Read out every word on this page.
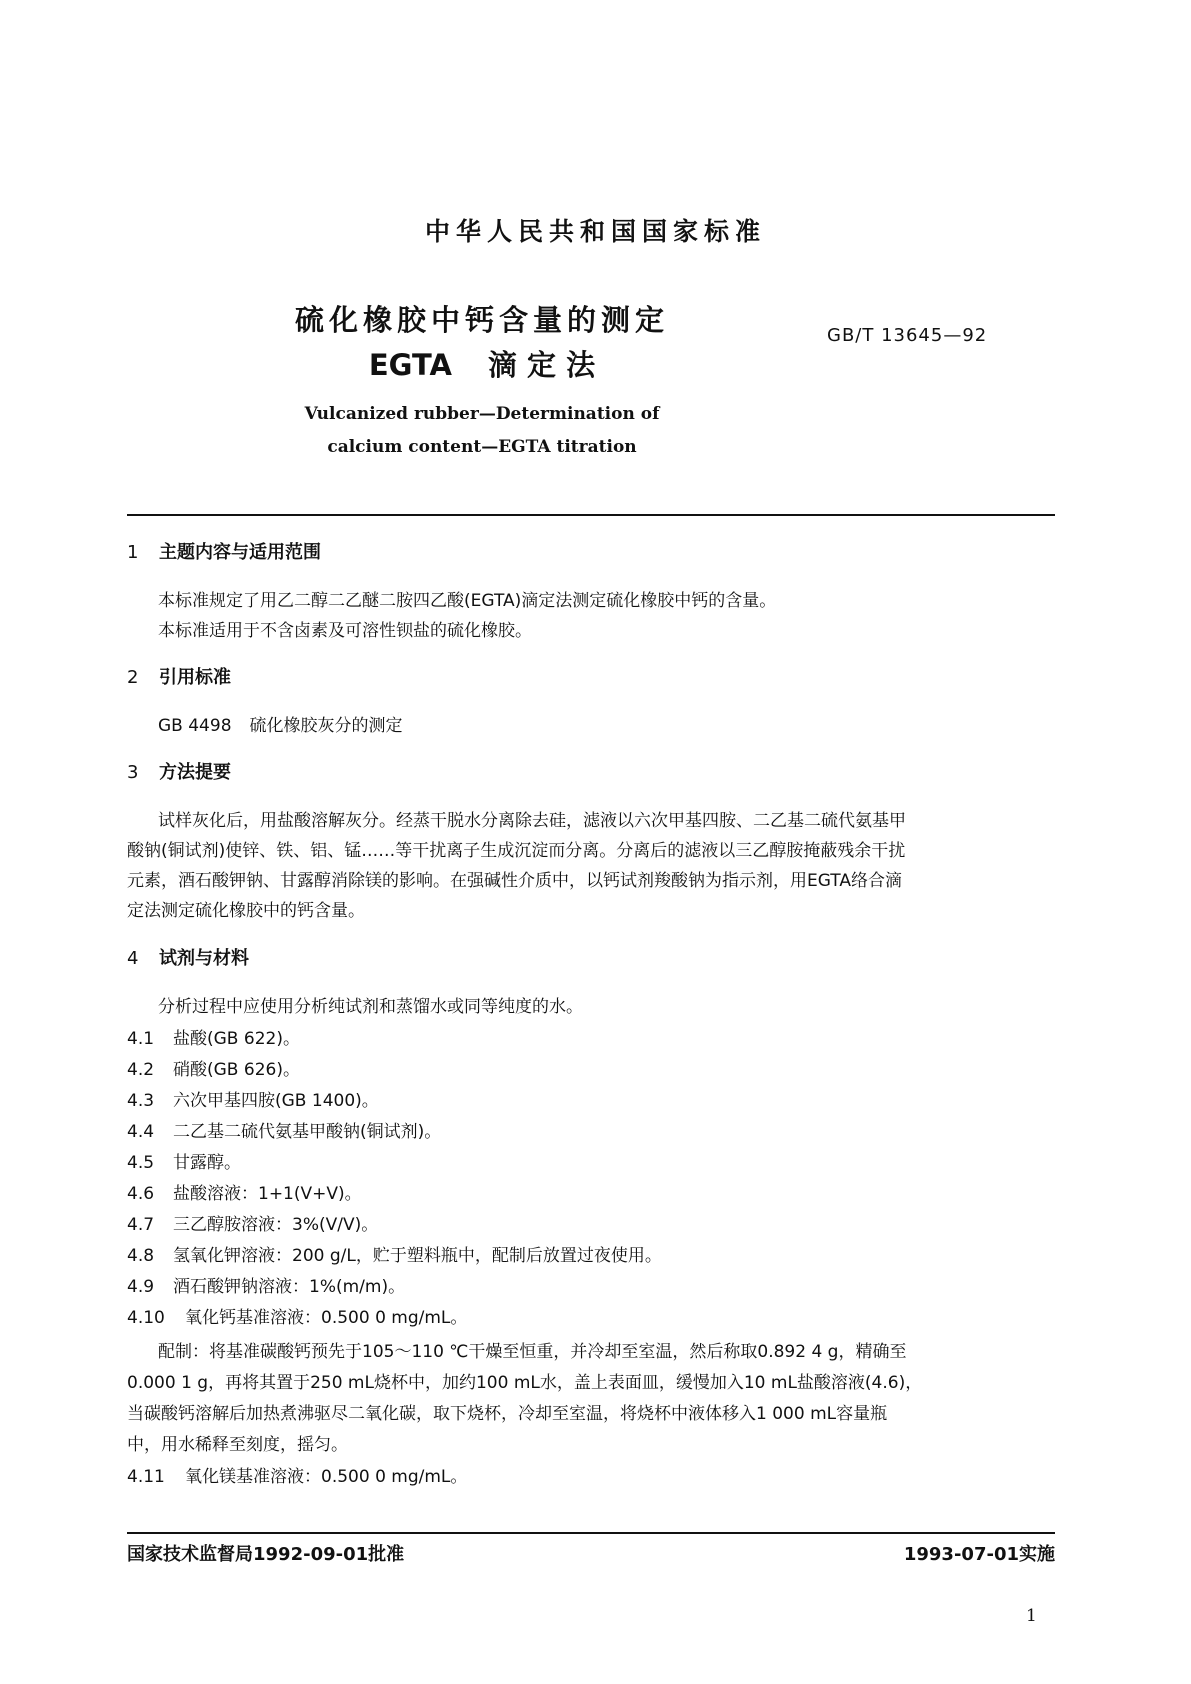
中华人民共和国国家标准
硫化橡胶中钙含量的测定
EGTA 滴 定 法
GB/T 13645—92
Vulcanized rubber—Determination of
calcium content—EGTA titration
1 主题内容与适用范围
本标准规定了用乙二醇二乙醚二胺四乙酸(EGTA)滴定法测定硫化橡胶中钙的含量。
本标准适用于不含卤素及可溶性钡盐的硫化橡胶。
2 引用标准
GB 4498 硫化橡胶灰分的测定
3 方法提要
试样灰化后，用盐酸溶解灰分。经蒸干脱水分离除去硅，滤液以六次甲基四胺、二乙基二硫代氨基甲
酸钠(铜试剂)使锌、铁、铝、锰……等干扰离子生成沉淀而分离。分离后的滤液以三乙醇胺掩蔽残余干扰
元素，酒石酸钾钠、甘露醇消除镁的影响。在强碱性介质中，以钙试剂羧酸钠为指示剂，用EGTA络合滴
定法测定硫化橡胶中的钙含量。
4 试剂与材料
分析过程中应使用分析纯试剂和蒸馏水或同等纯度的水。
4.1 盐酸(GB 622)。
4.2 硝酸(GB 626)。
4.3 六次甲基四胺(GB 1400)。
4.4 二乙基二硫代氨基甲酸钠(铜试剂)。
4.5 甘露醇。
4.6 盐酸溶液：1+1(V+V)。
4.7 三乙醇胺溶液：3%(V/V)。
4.8 氢氧化钾溶液：200 g/L，贮于塑料瓶中，配制后放置过夜使用。
4.9 酒石酸钾钠溶液：1%(m/m)。
4.10 氧化钙基准溶液：0.500 0 mg/mL。
配制：将基准碳酸钙预先于105～110 ℃干燥至恒重，并冷却至室温，然后称取0.892 4 g，精确至
0.000 1 g，再将其置于250 mL烧杯中，加约100 mL水，盖上表面皿，缓慢加入10 mL盐酸溶液(4.6)，
当碳酸钙溶解后加热煮沸驱尽二氧化碳，取下烧杯，冷却至室温，将烧杯中液体移入1 000 mL容量瓶
中，用水稀释至刻度，摇匀。
4.11 氧化镁基准溶液：0.500 0 mg/mL。
国家技术监督局1992-09-01批准	1993-07-01实施
1
